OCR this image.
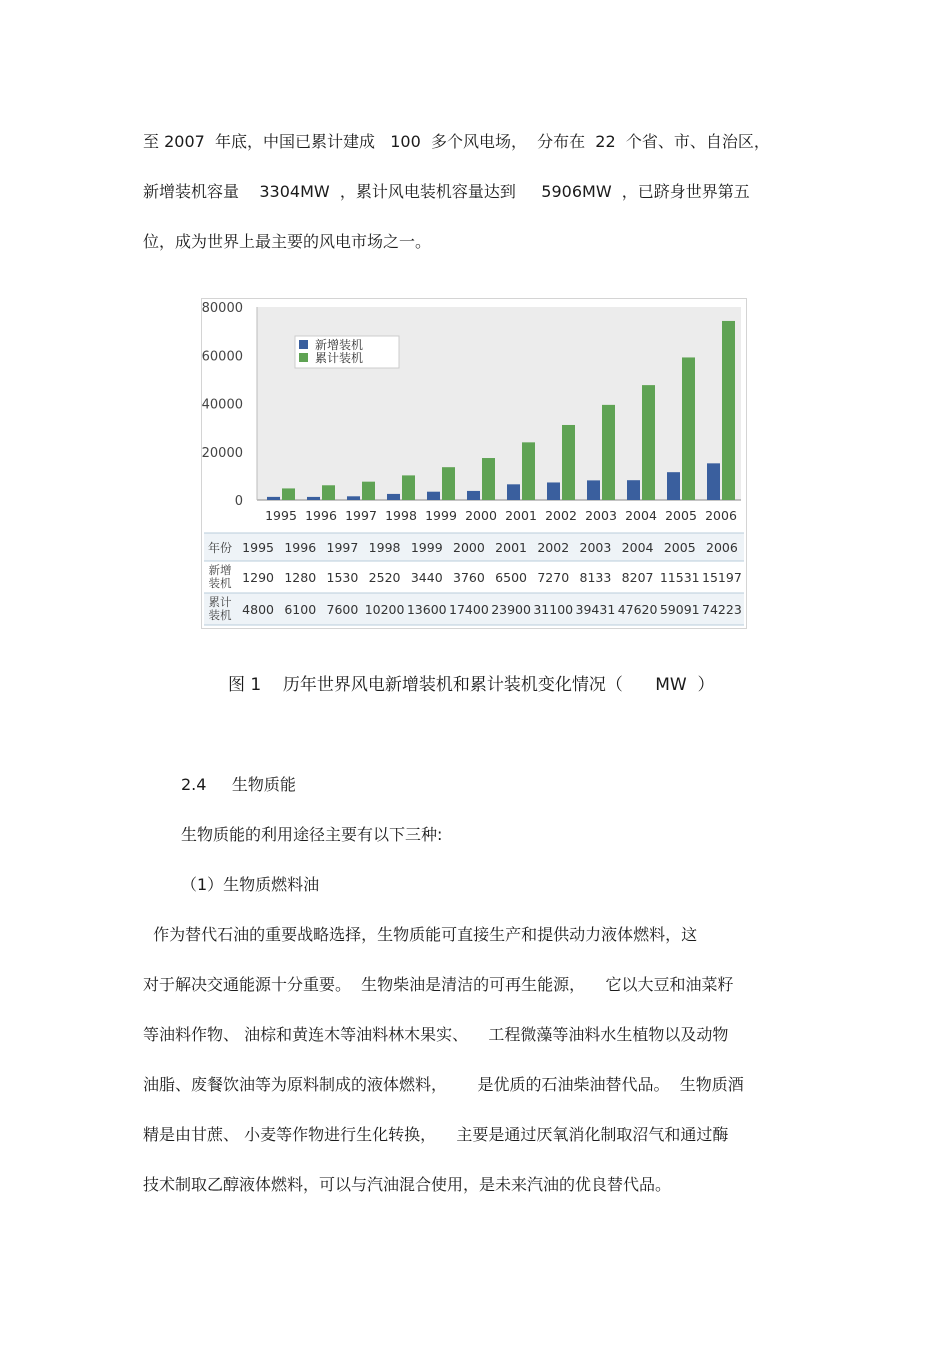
至 2007  年底，中国已累计建成   100  多个风电场，  分布在  22  个省、市、自治区，
新增装机容量    3304MW  ，累计风电装机容量达到     5906MW  ，已跻身世界第五
位，成为世界上最主要的风电市场之一。
80000
60000
40000
20000
0
1995 1996 1997 1998 1999 2000 2001 2002 2003 2004 2005 2006
新增装机
累计装机
年份
新增
装机
累计
装机
1995 1996 1997 1998 1999 2000 2001 2002 2003 2004 2005 2006
1290 1280 1530 2520 3440 3760 6500 7270 8133 8207 11531 15197
4800 6100 7600 10200 13600 17400 23900 31100 39431 47620 59091 74223
图 1    历年世界风电新增装机和累计装机变化情况（      MW  ）
2.4     生物质能
生物质能的利用途径主要有以下三种:
（1）生物质燃料油
作为替代石油的重要战略选择，生物质能可直接生产和提供动力液体燃料，这
对于解决交通能源十分重要。  生物柴油是清洁的可再生能源，    它以大豆和油菜籽
等油料作物、 油棕和黄连木等油料林木果实、    工程微藻等油料水生植物以及动物
油脂、废餐饮油等为原料制成的液体燃料，      是优质的石油柴油替代品。  生物质酒
精是由甘蔗、 小麦等作物进行生化转换，    主要是通过厌氧消化制取沼气和通过酶
技术制取乙醇液体燃料，可以与汽油混合使用，是未来汽油的优良替代品。
